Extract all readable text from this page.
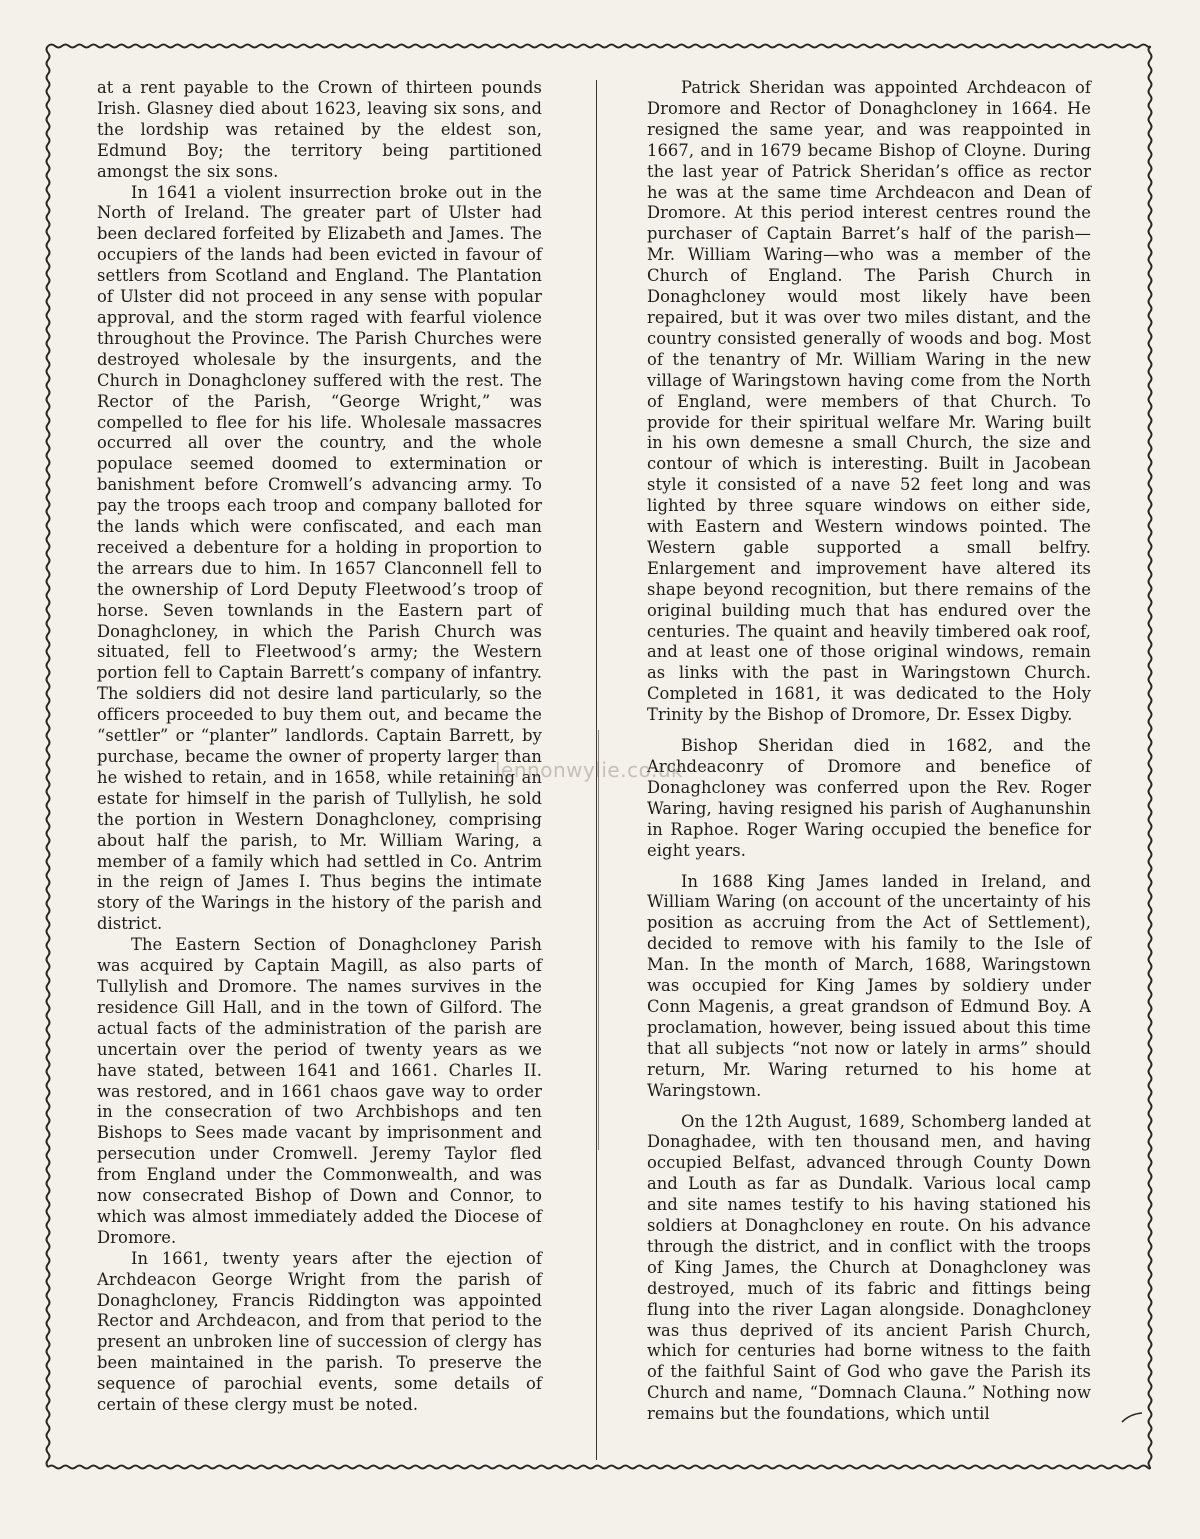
at a rent payable to the Crown of thirteen pounds Irish. Glasney died about 1623, leaving six sons, and the lordship was retained by the eldest son, Edmund Boy; the territory being partitioned amongst the six sons.

In 1641 a violent insurrection broke out in the North of Ireland. The greater part of Ulster had been declared forfeited by Elizabeth and James. The occupiers of the lands had been evicted in favour of settlers from Scotland and England. The Plantation of Ulster did not proceed in any sense with popular approval, and the storm raged with fearful violence throughout the Province. The Parish Churches were destroyed wholesale by the insurgents, and the Church in Donaghcloney suffered with the rest. The Rector of the Parish, “George Wright,” was compelled to flee for his life. Wholesale massacres occurred all over the country, and the whole populace seemed doomed to extermination or banishment before Cromwell’s advancing army. To pay the troops each troop and company balloted for the lands which were confiscated, and each man received a debenture for a holding in proportion to the arrears due to him. In 1657 Clanconnell fell to the ownership of Lord Deputy Fleetwood’s troop of horse. Seven townlands in the Eastern part of Donaghcloney, in which the Parish Church was situated, fell to Fleetwood’s army; the Western portion fell to Captain Barrett’s company of infantry. The soldiers did not desire land particularly, so the officers proceeded to buy them out, and became the “settler” or “planter” landlords. Captain Barrett, by purchase, became the owner of property larger than he wished to retain, and in 1658, while retaining an estate for himself in the parish of Tullylish, he sold the portion in Western Donaghcloney, comprising about half the parish, to Mr. William Waring, a member of a family which had settled in Co. Antrim in the reign of James I. Thus begins the intimate story of the Warings in the history of the parish and district.

The Eastern Section of Donaghcloney Parish was acquired by Captain Magill, as also parts of Tullylish and Dromore. The names survives in the residence Gill Hall, and in the town of Gilford. The actual facts of the administration of the parish are uncertain over the period of twenty years as we have stated, between 1641 and 1661. Charles II. was restored, and in 1661 chaos gave way to order in the consecration of two Archbishops and ten Bishops to Sees made vacant by imprisonment and persecution under Cromwell. Jeremy Taylor fled from England under the Commonwealth, and was now consecrated Bishop of Down and Connor, to which was almost immediately added the Diocese of Dromore.

In 1661, twenty years after the ejection of Archdeacon George Wright from the parish of Donaghcloney, Francis Riddington was appointed Rector and Archdeacon, and from that period to the present an unbroken line of succession of clergy has been maintained in the parish. To preserve the sequence of parochial events, some details of certain of these clergy must be noted.

Patrick Sheridan was appointed Archdeacon of Dromore and Rector of Donaghcloney in 1664. He resigned the same year, and was reappointed in 1667, and in 1679 became Bishop of Cloyne. During the last year of Patrick Sheridan’s office as rector he was at the same time Archdeacon and Dean of Dromore. At this period interest centres round the purchaser of Captain Barret’s half of the parish—Mr. William Waring—who was a member of the Church of England. The Parish Church in Donaghcloney would most likely have been repaired, but it was over two miles distant, and the country consisted generally of woods and bog. Most of the tenantry of Mr. William Waring in the new village of Waringstown having come from the North of England, were members of that Church. To provide for their spiritual welfare Mr. Waring built in his own demesne a small Church, the size and contour of which is interesting. Built in Jacobean style it consisted of a nave 52 feet long and was lighted by three square windows on either side, with Eastern and Western windows pointed. The Western gable supported a small belfry. Enlargement and improvement have altered its shape beyond recognition, but there remains of the original building much that has endured over the centuries. The quaint and heavily timbered oak roof, and at least one of those original windows, remain as links with the past in Waringstown Church. Completed in 1681, it was dedicated to the Holy Trinity by the Bishop of Dromore, Dr. Essex Digby.

Bishop Sheridan died in 1682, and the Archdeaconry of Dromore and benefice of Donaghcloney was conferred upon the Rev. Roger Waring, having resigned his parish of Aughanunshin in Raphoe. Roger Waring occupied the benefice for eight years.

In 1688 King James landed in Ireland, and William Waring (on account of the uncertainty of his position as accruing from the Act of Settlement), decided to remove with his family to the Isle of Man. In the month of March, 1688, Waringstown was occupied for King James by soldiery under Conn Magenis, a great grandson of Edmund Boy. A proclamation, however, being issued about this time that all subjects “not now or lately in arms” should return, Mr. Waring returned to his home at Waringstown.

On the 12th August, 1689, Schomberg landed at Donaghadee, with ten thousand men, and having occupied Belfast, advanced through County Down and Louth as far as Dundalk. Various local camp and site names testify to his having stationed his soldiers at Donaghcloney en route. On his advance through the district, and in conflict with the troops of King James, the Church at Donaghcloney was destroyed, much of its fabric and fittings being flung into the river Lagan alongside. Donaghcloney was thus deprived of its ancient Parish Church, which for centuries had borne witness to the faith of the faithful Saint of God who gave the Parish its Church and name, “Domnach Clauna.” Nothing now remains but the foundations, which until

lennonwylie.co.uk
